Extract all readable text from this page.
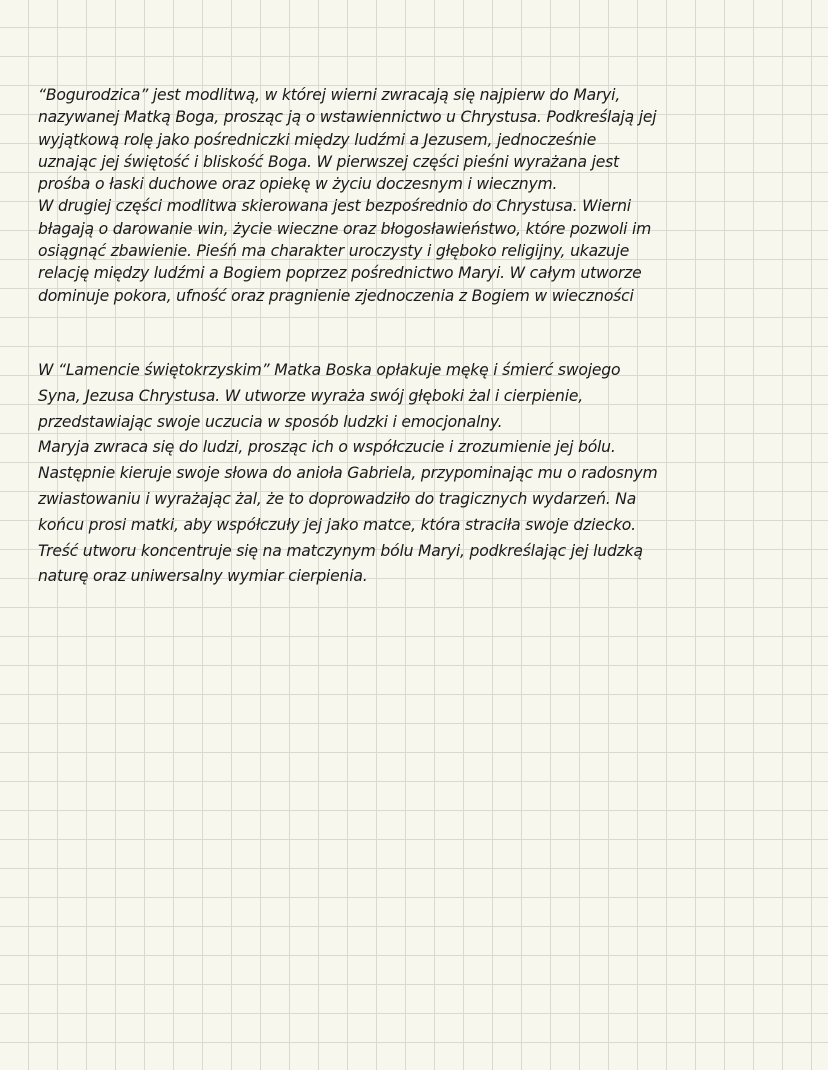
“Bogurodzica” jest modlitwą, w której wierni zwracają się najpierw do Maryi,
nazywanej Matką Boga, prosząc ją o wstawiennictwo u Chrystusa. Podkreślają jej
wyjątkową rolę jako pośredniczki między ludźmi a Jezusem, jednocześnie
uznając jej świętość i bliskość Boga. W pierwszej części pieśni wyrażana jest
prośba o łaski duchowe oraz opiekę w życiu doczesnym i wiecznym.
W drugiej części modlitwa skierowana jest bezpośrednio do Chrystusa. Wierni
błagają o darowanie win, życie wieczne oraz błogosławieństwo, które pozwoli im
osiągnąć zbawienie. Pieśń ma charakter uroczysty i głęboko religijny, ukazuje
relację między ludźmi a Bogiem poprzez pośrednictwo Maryi. W całym utworze
dominuje pokora, ufność oraz pragnienie zjednoczenia z Bogiem w wieczności
W “Lamencie świętokrzyskim” Matka Boska opłakuje mękę i śmierć swojego
Syna, Jezusa Chrystusa. W utworze wyraża swój głęboki żal i cierpienie,
przedstawiając swoje uczucia w sposób ludzki i emocjonalny.
Maryja zwraca się do ludzi, prosząc ich o współczucie i zrozumienie jej bólu.
Następnie kieruje swoje słowa do anioła Gabriela, przypominając mu o radosnym
zwiastowaniu i wyrażając żal, że to doprowadziło do tragicznych wydarzeń. Na
końcu prosi matki, aby współczuły jej jako matce, która straciła swoje dziecko.
Treść utworu koncentruje się na matczynym bólu Maryi, podkreślając jej ludzką
naturę oraz uniwersalny wymiar cierpienia.
